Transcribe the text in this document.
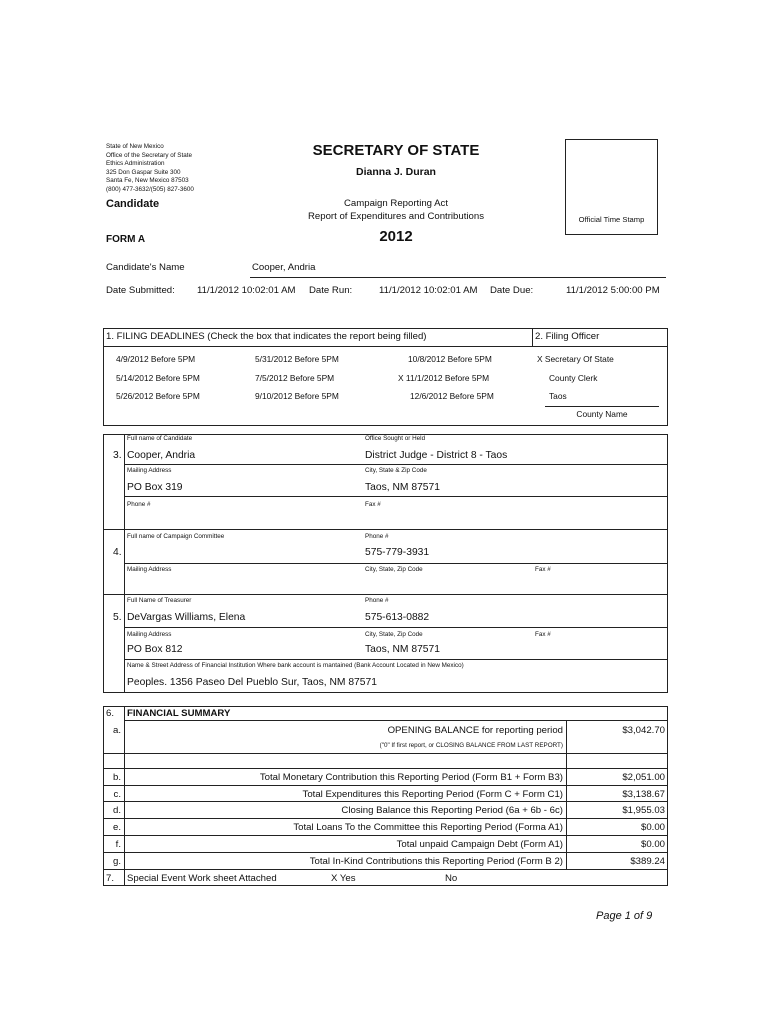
State of New Mexico
Office of the Secretary of State
Ethics Administration
325 Don Gaspar Suite 300
Santa Fe, New Mexico 87503
(800) 477-3632/(505) 827-3600
SECRETARY OF STATE
Dianna J. Duran
Candidate	Campaign Reporting Act
Report of Expenditures and Contributions
FORM A	2012
Official Time Stamp
Candidate's Name	Cooper, Andria
Date Submitted: 11/1/2012 10:02:01 AM Date Run:	11/1/2012 10:02:01 AM Date Due:	11/1/2012 5:00:00 PM
1. FILING DEADLINES (Check the box that indicates the report being filled)	2. Filing Officer
4/9/2012 Before 5PM	5/31/2012 Before 5PM	10/8/2012 Before 5PM
5/14/2012 Before 5PM	7/5/2012 Before 5PM	X 11/1/2012 Before 5PM
5/26/2012 Before 5PM	9/10/2012 Before 5PM	12/6/2012 Before 5PM
X Secretary Of State
County Clerk
Taos
County Name
Full name of Candidate	Office Sought or Held
3. Cooper, Andria	District Judge - District 8 - Taos
Mailing Address	City, State & Zip Code
PO Box 319	Taos, NM 87571
Phone #	Fax #
Full name of Campaign Committee	Phone #
4.	575-779-3931
Mailing Address	City, State, Zip Code	Fax #
Full Name of Treasurer	Phone #
5. DeVargas Williams, Elena	575-613-0882
Mailing Address	City, State, Zip Code	Fax #
PO Box 812	Taos, NM 87571
Name & Street Address of Financial Institution Where bank account is mantained (Bank Account Located in New Mexico)
Peoples. 1356 Paseo Del Pueblo Sur, Taos, NM 87571
6. FINANCIAL SUMMARY
a.	OPENING BALANCE for reporting period	$3,042.70
("0" If first report, or CLOSING BALANCE FROM LAST REPORT)
b.	Total Monetary Contribution this Reporting Period (Form B1 + Form B3)	$2,051.00
c.	Total Expenditures this Reporting Period (Form C + Form C1)	$3,138.67
d.	Closing Balance this Reporting Period (6a + 6b - 6c)	$1,955.03
e.	Total Loans To the Committee this Reporting Period (Forma A1)	$0.00
f.	Total unpaid Campaign Debt (Form A1)	$0.00
g.	Total In-Kind Contributions this Reporting Period (Form B 2)	$389.24
7. Special Event Work sheet Attached	X Yes	No
Page 1 of 9
